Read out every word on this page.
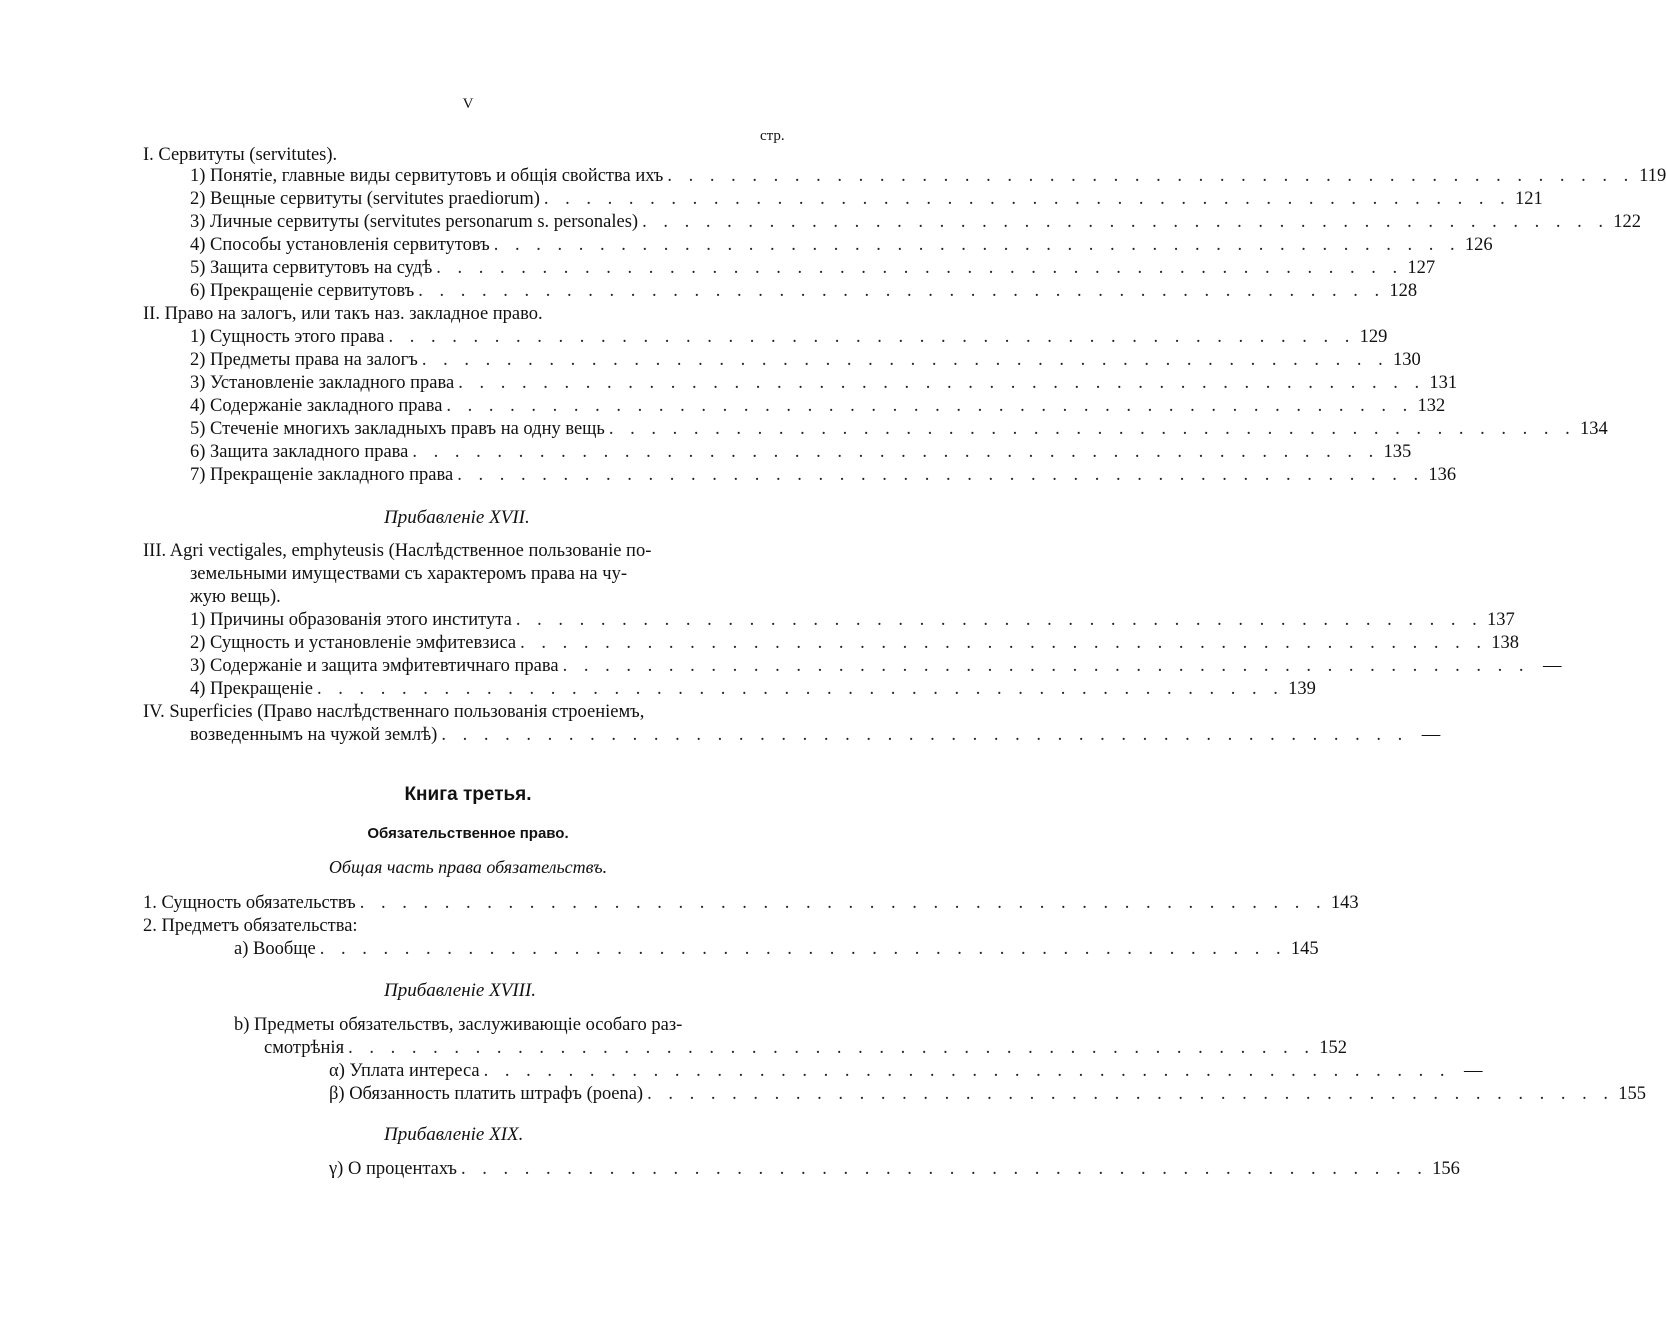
V
стр.
I. Сервитуты (servitutes).
1) Понятіе, главные виды сервитутовъ и общія свойства ихъ . . . . . . . . . . . . . . . . . . . . . . . . . . . . . . . . . . . . . . . . . . . . . . 119
2) Вещные сервитуты (servitutes praediorum) . . . . . . . . . . . . . . . . . . . . . . . . . . . . . . . . . . . . . . . . . . . . . . 121
3) Личные сервитуты (servitutes personarum s. personales) . . . . . . . . . . . . . . . . . . . . . . . . . . . . . . . . . . . . . . . . . . . . . . 122
4) Способы установленія сервитутовъ . . . . . . . . . . . . . . . . . . . . . . . . . . . . . . . . . . . . . . . . . . . . . . 126
5) Защита сервитутовъ на судѣ . . . . . . . . . . . . . . . . . . . . . . . . . . . . . . . . . . . . . . . . . . . . . . 127
6) Прекращеніе сервитутовъ . . . . . . . . . . . . . . . . . . . . . . . . . . . . . . . . . . . . . . . . . . . . . . 128
II. Право на залогъ, или такъ наз. закладное право.
1) Сущность этого права . . . . . . . . . . . . . . . . . . . . . . . . . . . . . . . . . . . . . . . . . . . . . . 129
2) Предметы права на залогъ . . . . . . . . . . . . . . . . . . . . . . . . . . . . . . . . . . . . . . . . . . . . . . 130
3) Установленіе закладного права . . . . . . . . . . . . . . . . . . . . . . . . . . . . . . . . . . . . . . . . . . . . . . 131
4) Содержаніе закладного права . . . . . . . . . . . . . . . . . . . . . . . . . . . . . . . . . . . . . . . . . . . . . . 132
5) Стеченіе многихъ закладныхъ правъ на одну вещь . . . . . . . . . . . . . . . . . . . . . . . . . . . . . . . . . . . . . . . . . . . . . . 134
6) Защита закладного права . . . . . . . . . . . . . . . . . . . . . . . . . . . . . . . . . . . . . . . . . . . . . . 135
7) Прекращеніе закладного права . . . . . . . . . . . . . . . . . . . . . . . . . . . . . . . . . . . . . . . . . . . . . . 136
Прибавленіе XVII.
III. Agri vectigales, emphyteusis (Наслѣдственное пользованіе по-
земельными имуществами съ характеромъ права на чу-
жую вещь).
1) Причины образованія этого института . . . . . . . . . . . . . . . . . . . . . . . . . . . . . . . . . . . . . . . . . . . . . . 137
2) Сущность и установленіе эмфитевзиса . . . . . . . . . . . . . . . . . . . . . . . . . . . . . . . . . . . . . . . . . . . . . . 138
3) Содержаніе и защита эмфитевтичнаго права . . . . . . . . . . . . . . . . . . . . . . . . . . . . . . . . . . . . . . . . . . . . . . —
4) Прекращеніе . . . . . . . . . . . . . . . . . . . . . . . . . . . . . . . . . . . . . . . . . . . . . . 139
IV. Superficies (Право наслѣдственнаго пользованія строеніемъ,
возведеннымъ на чужой землѣ) . . . . . . . . . . . . . . . . . . . . . . . . . . . . . . . . . . . . . . . . . . . . . . —
Книга третья.
Обязательственное право.
Общая часть права обязательствъ.
1. Сущность обязательствъ . . . . . . . . . . . . . . . . . . . . . . . . . . . . . . . . . . . . . . . . . . . . . . 143
2. Предметъ обязательства:
a) Вообще . . . . . . . . . . . . . . . . . . . . . . . . . . . . . . . . . . . . . . . . . . . . . . 145
Прибавленіе XVIII.
b) Предметы обязательствъ, заслуживающіе особаго раз-
смотрѣнія . . . . . . . . . . . . . . . . . . . . . . . . . . . . . . . . . . . . . . . . . . . . . . 152
α) Уплата интереса . . . . . . . . . . . . . . . . . . . . . . . . . . . . . . . . . . . . . . . . . . . . . . —
β) Обязанность платить штрафъ (poena) . . . . . . . . . . . . . . . . . . . . . . . . . . . . . . . . . . . . . . . . . . . . . . 155
Прибавленіе XIX.
γ) О процентахъ . . . . . . . . . . . . . . . . . . . . . . . . . . . . . . . . . . . . . . . . . . . . . . 156
